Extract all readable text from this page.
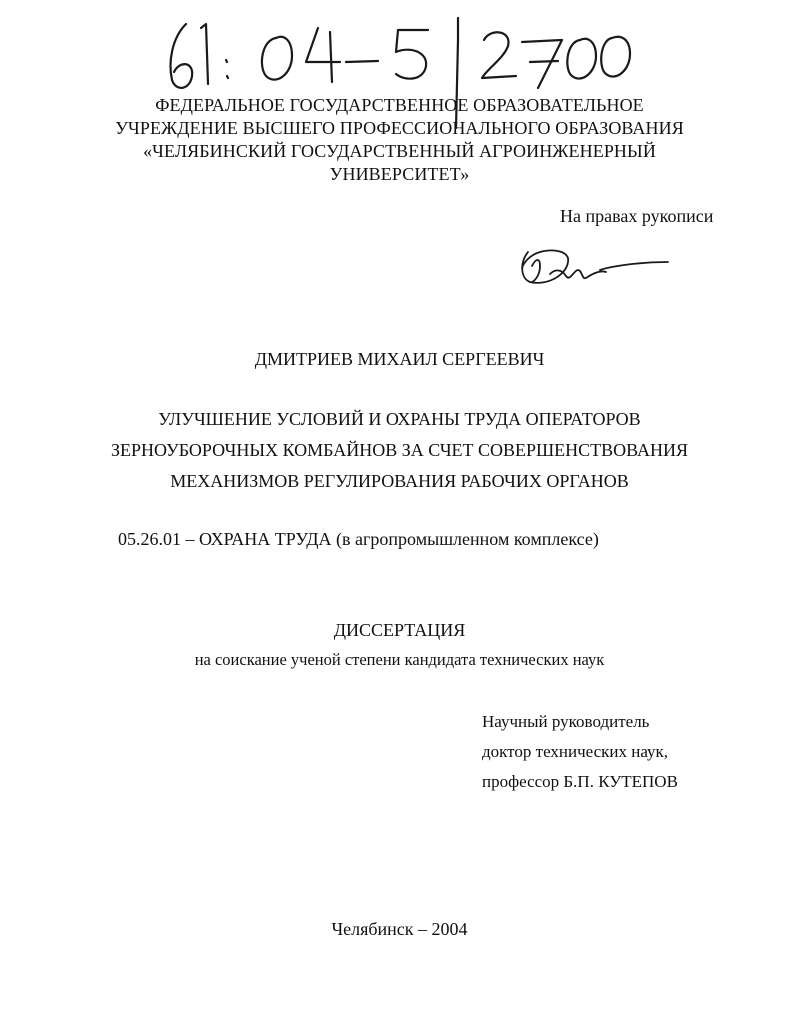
ФЕДЕРАЛЬНОЕ ГОСУДАРСТВЕННОЕ ОБРАЗОВАТЕЛЬНОЕ
УЧРЕЖДЕНИЕ ВЫСШЕГО ПРОФЕССИОНАЛЬНОГО ОБРАЗОВАНИЯ
«ЧЕЛЯБИНСКИЙ ГОСУДАРСТВЕННЫЙ АГРОИНЖЕНЕРНЫЙ
УНИВЕРСИТЕТ»
На правах рукописи
ДМИТРИЕВ МИХАИЛ СЕРГЕЕВИЧ
УЛУЧШЕНИЕ УСЛОВИЙ И ОХРАНЫ ТРУДА ОПЕРАТОРОВ
ЗЕРНОУБОРОЧНЫХ КОМБАЙНОВ ЗА СЧЕТ СОВЕРШЕНСТВОВАНИЯ
МЕХАНИЗМОВ РЕГУЛИРОВАНИЯ РАБОЧИХ ОРГАНОВ
05.26.01 – ОХРАНА ТРУДА (в агропромышленном комплексе)
ДИССЕРТАЦИЯ
на соискание ученой степени кандидата технических наук
Научный руководитель
доктор технических наук,
профессор Б.П. КУТЕПОВ
Челябинск – 2004
